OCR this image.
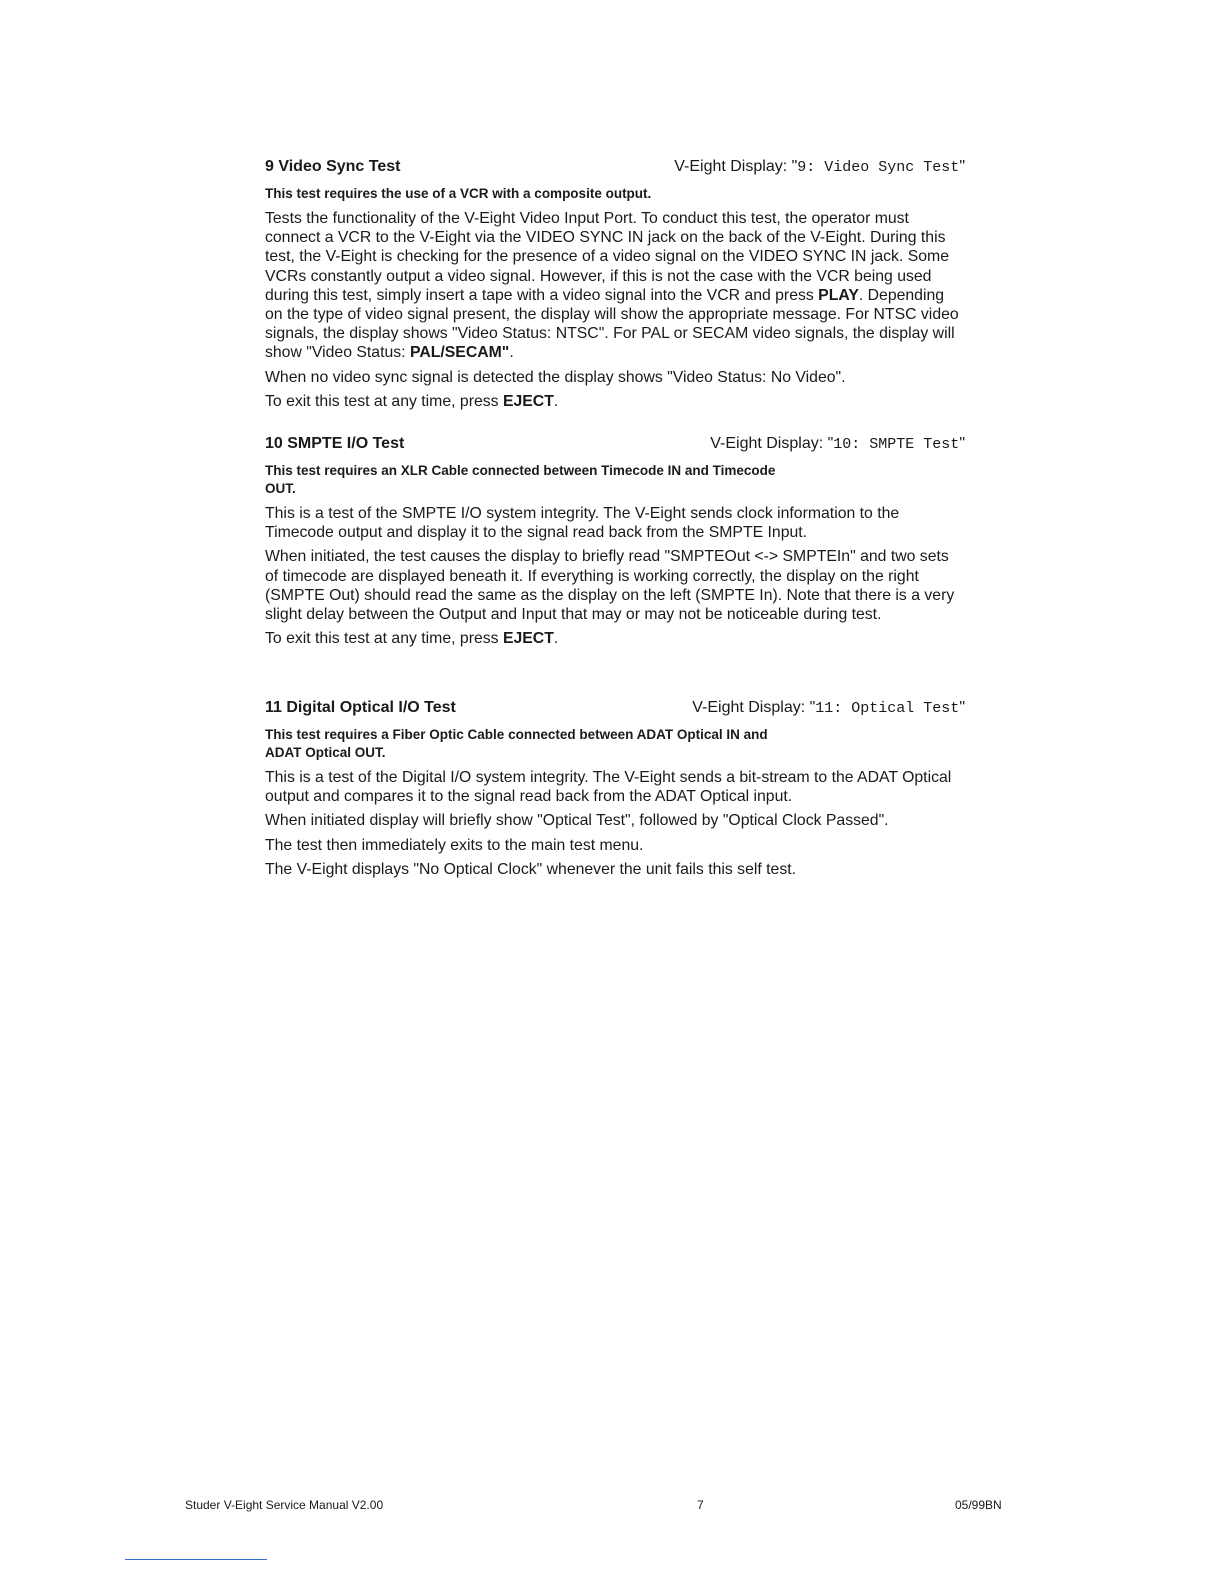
9 Video Sync Test	V-Eight Display: "9: Video Sync Test"
This test requires the use of a VCR with a composite output.

Tests the functionality of the V-Eight Video Input Port. To conduct this test, the operator must connect a VCR to the V-Eight via the VIDEO SYNC IN jack on the back of the V-Eight. During this test, the V-Eight is checking for the presence of a video signal on the VIDEO SYNC IN jack. Some VCRs constantly output a video signal. However, if this is not the case with the VCR being used during this test, simply insert a tape with a video signal into the VCR and press PLAY. Depending on the type of video signal present, the display will show the appropriate message. For NTSC video signals, the display shows "Video Status: NTSC". For PAL or SECAM video signals, the display will show "Video Status: PAL/SECAM".

When no video sync signal is detected the display shows "Video Status: No Video".

To exit this test at any time, press EJECT.

10 SMPTE I/O Test	V-Eight Display: "10: SMPTE Test"
This test requires an XLR Cable connected between Timecode IN and Timecode OUT.

This is a test of the SMPTE I/O system integrity. The V-Eight sends clock information to the Timecode output and display it to the signal read back from the SMPTE Input.

When initiated, the test causes the display to briefly read "SMPTEOut <-> SMPTEIn" and two sets of timecode are displayed beneath it. If everything is working correctly, the display on the right (SMPTE Out) should read the same as the display on the left (SMPTE In). Note that there is a very slight delay between the Output and Input that may or may not be noticeable during test.

To exit this test at any time, press EJECT.

11 Digital Optical I/O Test	V-Eight Display: "11: Optical Test"
This test requires a Fiber Optic Cable connected between ADAT Optical IN and ADAT Optical OUT.

This is a test of the Digital I/O system integrity. The V-Eight sends a bit-stream to the ADAT Optical output and compares it to the signal read back from the ADAT Optical input.

When initiated display will briefly show "Optical Test", followed by "Optical Clock Passed".

The test then immediately exits to the main test menu.

The V-Eight displays "No Optical Clock" whenever the unit fails this self test.

Studer V-Eight Service Manual V2.00	7	05/99BN
